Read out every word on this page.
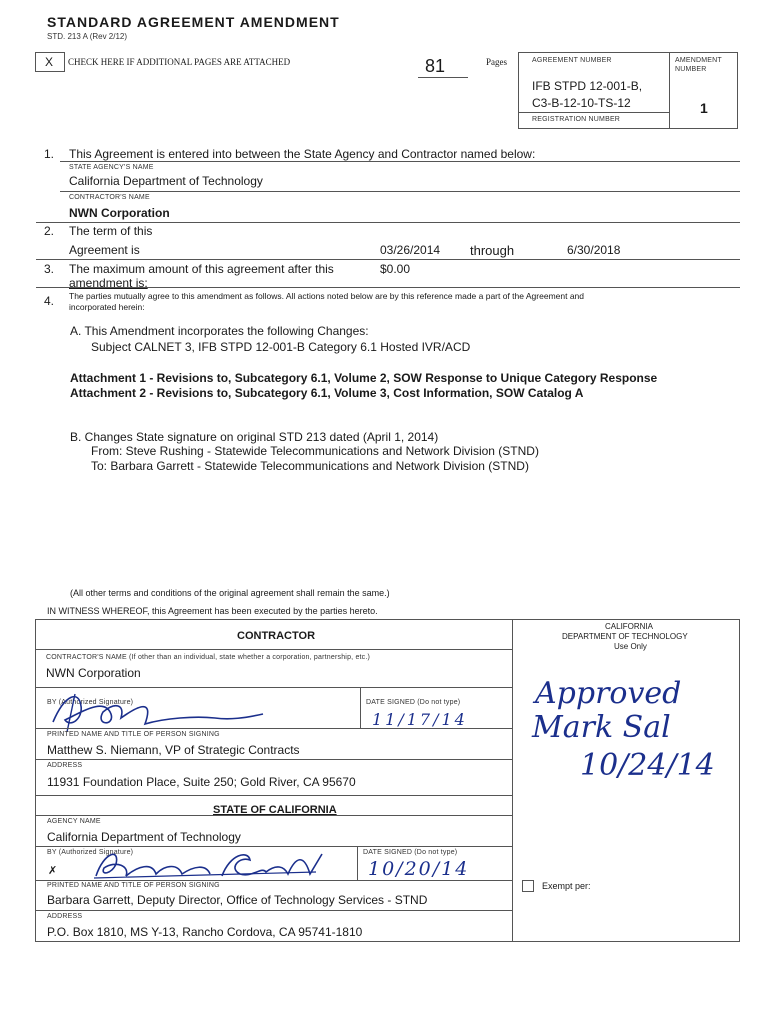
STANDARD AGREEMENT AMENDMENT
STD. 213 A (Rev 2/12)
X CHECK HERE IF ADDITIONAL PAGES ARE ATTACHED	81	Pages	AGREEMENT NUMBER
IFB STPD 12-001-B,
C3-B-12-10-TS-12
REGISTRATION NUMBER
AMENDMENT
NUMBER
1
1. This Agreement is entered into between the State Agency and Contractor named below:
STATE AGENCY'S NAME
California Department of Technology
CONTRACTOR'S NAME
NWN Corporation
2. The term of this
Agreement is	03/26/2014 through	6/30/2018
3. The maximum amount of this agreement after this
amendment is:
$0.00
4. The parties mutually agree to this amendment as follows. All actions noted below are by this reference made a part of the Agreement and
incorporated herein:
A. This Amendment incorporates the following Changes:
Subject CALNET 3, IFB STPD 12-001-B Category 6.1 Hosted IVR/ACD
Attachment 1 - Revisions to, Subcategory 6.1, Volume 2, SOW Response to Unique Category Response
Attachment 2 - Revisions to, Subcategory 6.1, Volume 3, Cost Information, SOW Catalog A
B. Changes State signature on original STD 213 dated (April 1, 2014)
From: Steve Rushing - Statewide Telecommunications and Network Division (STND)
To: Barbara Garrett - Statewide Telecommunications and Network Division (STND)
(All other terms and conditions of the original agreement shall remain the same.)
IN WITNESS WHEREOF, this Agreement has been executed by the parties hereto.
CONTRACTOR
CONTRACTOR'S NAME (If other than an individual, state whether a corporation, partnership, etc.)
NWN Corporation
BY (Authorized Signature)	DATE SIGNED (Do not type)
11/17/14
PRINTED NAME AND TITLE OF PERSON SIGNING
Matthew S. Niemann, VP of Strategic Contracts
ADDRESS
11931 Foundation Place, Suite 250; Gold River, CA 95670
STATE OF CALIFORNIA
AGENCY NAME
California Department of Technology
BY (Authorized Signature)	DATE SIGNED (Do not type)
✗	10/20/14
PRINTED NAME AND TITLE OF PERSON SIGNING
Barbara Garrett, Deputy Director, Office of Technology Services - STND
ADDRESS
P.O. Box 1810, MS Y-13, Rancho Cordova, CA 95741-1810
CALIFORNIA
DEPARTMENT OF TECHNOLOGY
Use Only
Approved
Mark Sal
10/24/14
Exempt per:
